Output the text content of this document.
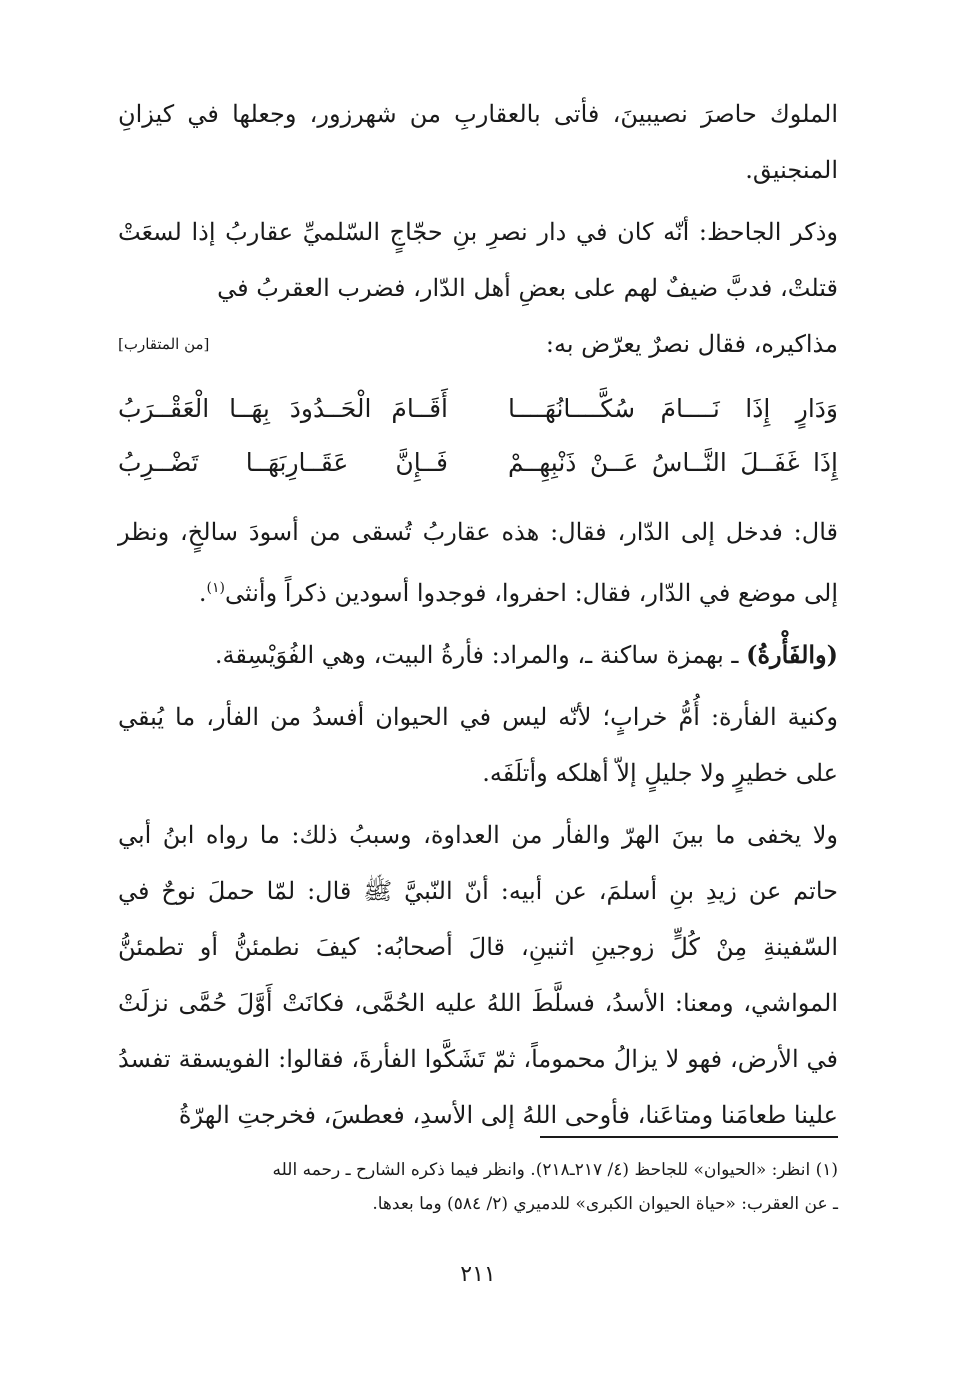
الملوك حاصرَ نصيبينَ، فأتى بالعقاربِ من شهرزور، وجعلها في كيزانِ المنجنيق.

وذكر الجاحظ: أنّه كان في دار نصرِ بنِ حجّاجٍ السّلميِّ عقاربُ إذا لسعَتْ قتلتْ، فدبَّ ضيفٌ لهم على بعضِ أهل الدّار، فضرب العقربُ في

مذاكيره، فقال نصرٌ يعرّض به:
[من المتقارب]
وَدَارٍ إِذَا نَــــامَ سُكَّــــانُهَــــا
أَقَــامَ الْحَــدُودَ بِهَــا الْعَقْــرَبُ
إِذَا غَفَــلَ النَّــاسُ عَــنْ ذَنْبِهِــمْ
فَــإِنَّ عَقَــارِبَهَــا تَضْــرِبُ

قال: فدخل إلى الدّار، فقال: هذه عقاربُ تُسقى من أسودَ سالخٍ، ونظر إلى موضع في الدّار، فقال: احفروا، فوجدوا أسودين ذكراً وأنثى$^{(١)}$.

(والفَأْرةُ) ـ بهمزة ساكنة ـ، والمراد: فأرةُ البيت، وهي الفُوَيْسِقة.

وكنية الفأرة: أُمُّ خرابٍ؛ لأنّه ليس في الحيوان أفسدُ من الفأر، ما يُبقي على خطيرٍ ولا جليلٍ إلاّ أهلكه وأتلَفَه.

ولا يخفى ما بينَ الهرّ والفأر من العداوة، وسببُ ذلك: ما رواه ابنُ أبي حاتم عن زيدِ بنِ أسلمَ، عن أبيه: أنّ النّبيَّ ﷺ قال: لمّا حملَ نوحٌ في السّفينةِ مِنْ كُلٍّ زوجينِ اثنينِ، قالَ أصحابُه: كيفَ نطمئنُّ أو تطمئنُّ المواشي، ومعنا: الأسدُ، فسلَّطَ اللهُ عليه الحُمَّى، فكانَتْ أَوَّلَ حُمَّى نزلَتْ في الأرض، فهو لا يزالُ محموماً، ثمّ تَشَكَّوا الفأرةَ، فقالوا: الفويسقة تفسدُ علينا طعامَنا ومتاعَنا، فأوحى اللهُ إلى الأسدِ، فعطسَ، فخرجتِ الهرّةُ

(١) انظر: «الحيوان» للجاحظ (٤/ ٢١٧ـ٢١٨). وانظر فيما ذكره الشارح ـ رحمه الله

ـ عن العقرب: «حياة الحيوان الكبرى» للدميري (٢/ ٥٨٤) وما بعدها.

٢١١
